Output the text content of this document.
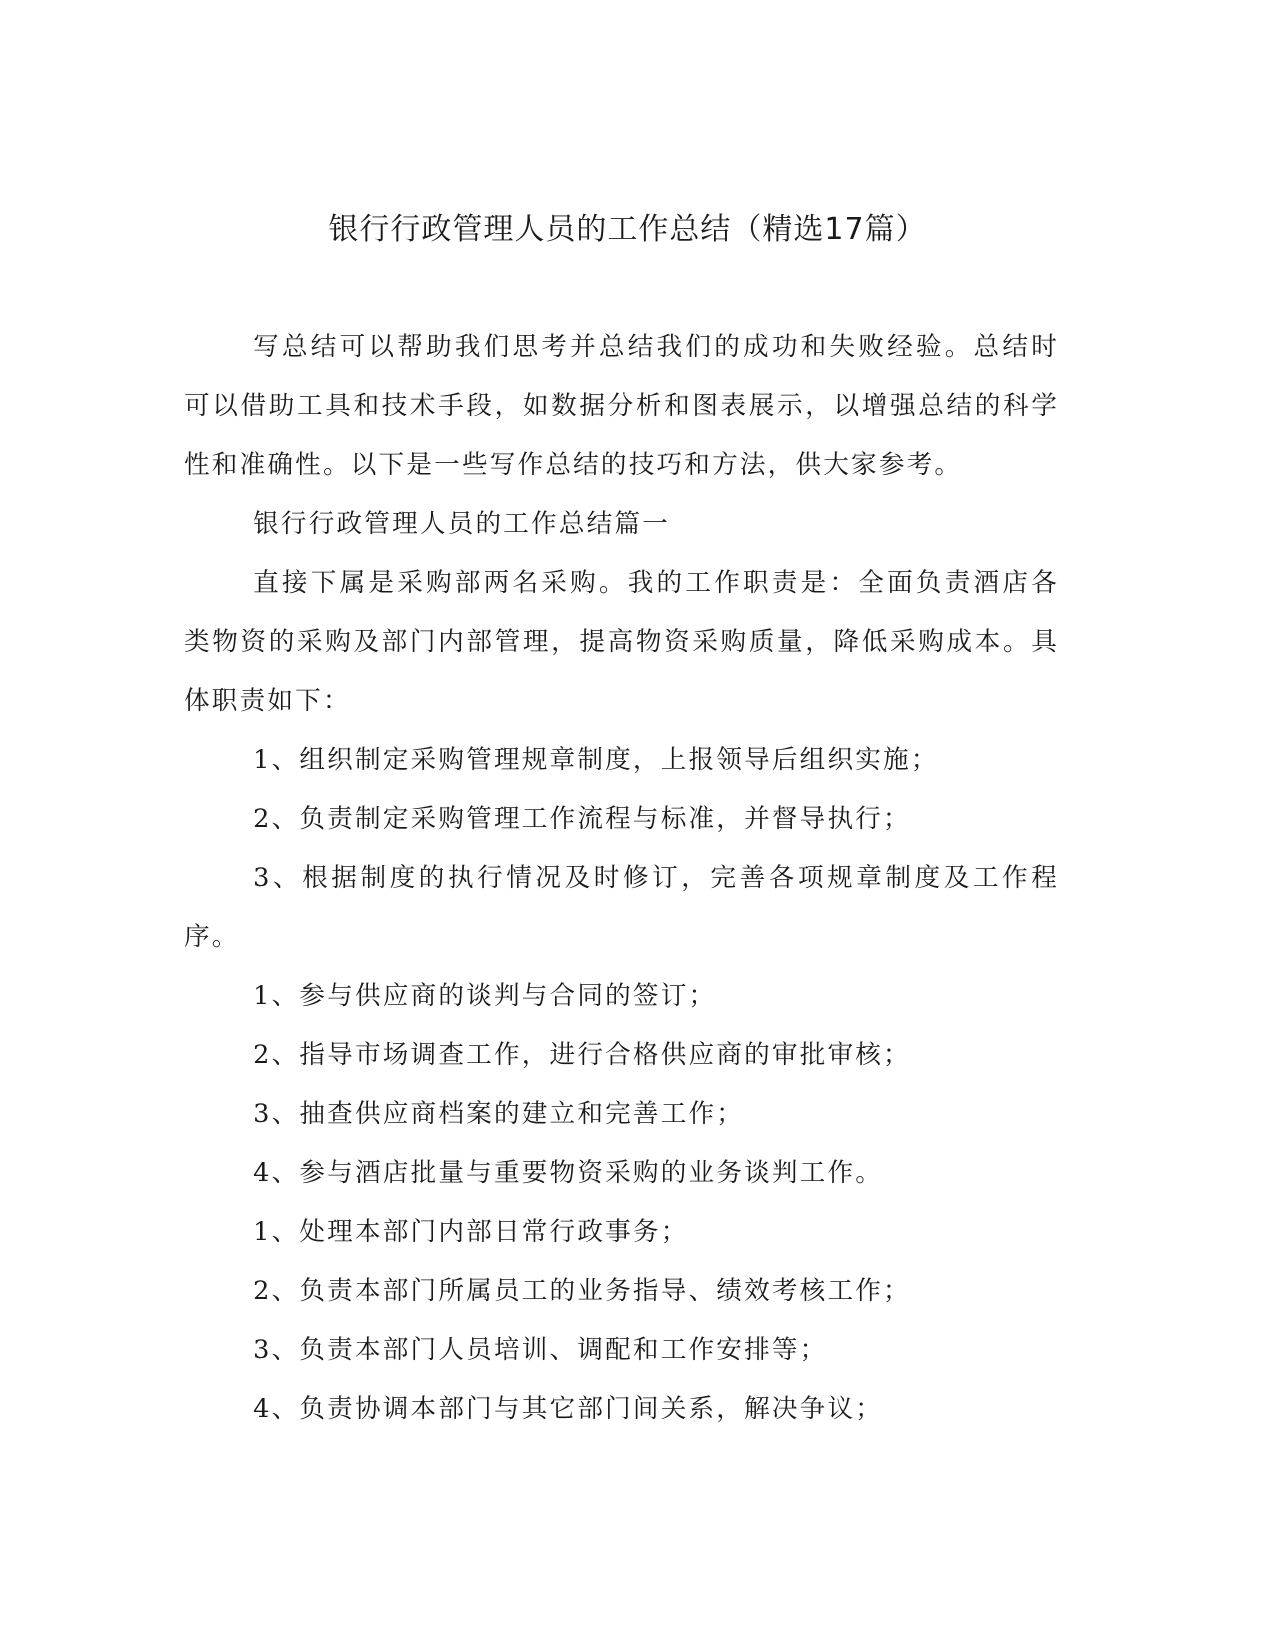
银行行政管理人员的工作总结（精选17篇）

写总结可以帮助我们思考并总结我们的成功和失败经验。总结时可以借助工具和技术手段，如数据分析和图表展示，以增强总结的科学性和准确性。以下是一些写作总结的技巧和方法，供大家参考。

银行行政管理人员的工作总结篇一

直接下属是采购部两名采购。我的工作职责是：全面负责酒店各类物资的采购及部门内部管理，提高物资采购质量，降低采购成本。具体职责如下：

1、组织制定采购管理规章制度，上报领导后组织实施；

2、负责制定采购管理工作流程与标准，并督导执行；

3、根据制度的执行情况及时修订，完善各项规章制度及工作程序。

1、参与供应商的谈判与合同的签订；

2、指导市场调查工作，进行合格供应商的审批审核；

3、抽查供应商档案的建立和完善工作；

4、参与酒店批量与重要物资采购的业务谈判工作。

1、处理本部门内部日常行政事务；

2、负责本部门所属员工的业务指导、绩效考核工作；

3、负责本部门人员培训、调配和工作安排等；

4、负责协调本部门与其它部门间关系，解决争议；
